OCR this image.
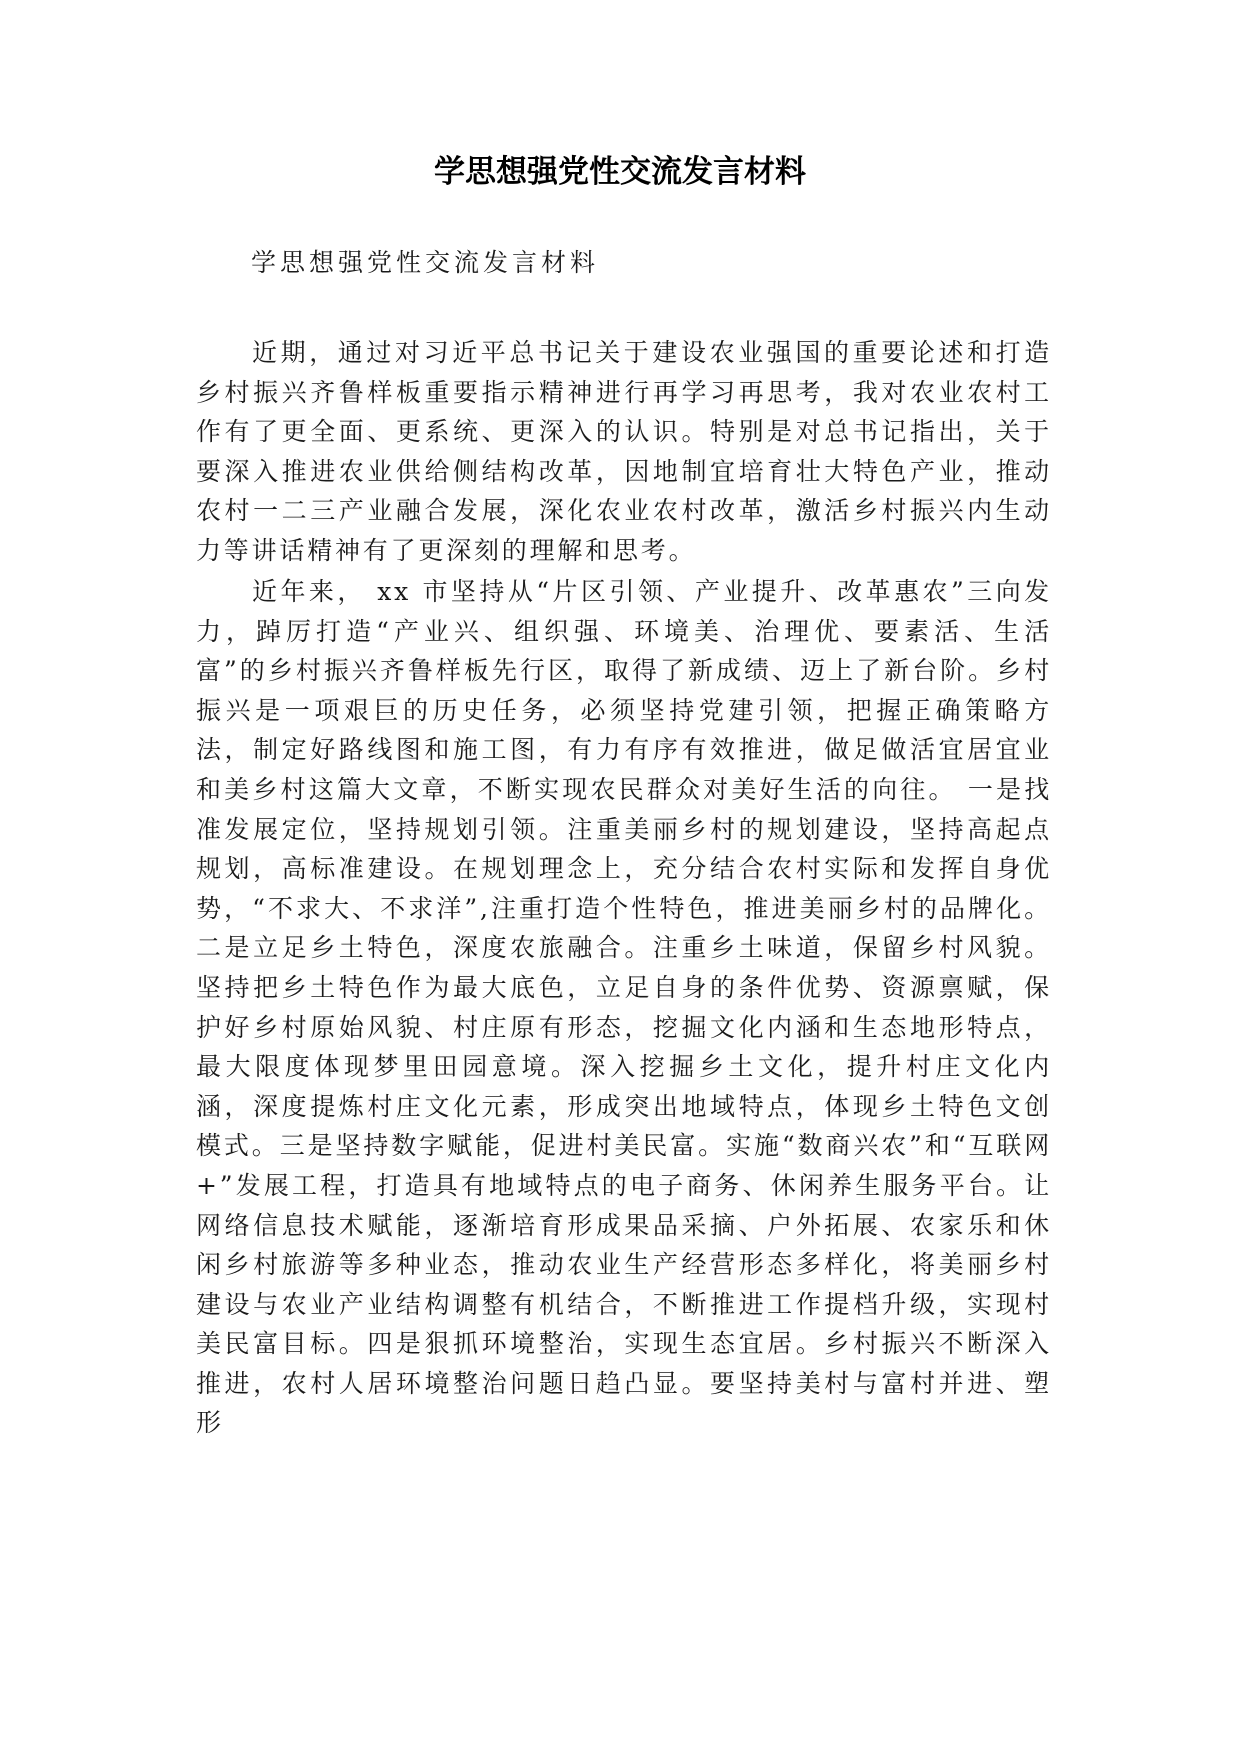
学思想强党性交流发言材料

学思想强党性交流发言材料

近期，通过对习近平总书记关于建设农业强国的重要论述和打造乡村振兴齐鲁样板重要指示精神进行再学习再思考，我对农业农村工作有了更全面、更系统、更深入的认识。特别是对总书记指出，关于要深入推进农业供给侧结构改革，因地制宜培育壮大特色产业，推动农村一二三产业融合发展，深化农业农村改革，激活乡村振兴内生动力等讲话精神有了更深刻的理解和思考。

近年来， xx 市坚持从“片区引领、产业提升、改革惠农”三向发力，踔厉打造“产业兴、组织强、环境美、治理优、要素活、生活富”的乡村振兴齐鲁样板先行区，取得了新成绩、迈上了新台阶。乡村振兴是一项艰巨的历史任务，必须坚持党建引领，把握正确策略方法，制定好路线图和施工图，有力有序有效推进，做足做活宜居宜业和美乡村这篇大文章，不断实现农民群众对美好生活的向往。 一是找准发展定位，坚持规划引领。注重美丽乡村的规划建设，坚持高起点规划，高标准建设。在规划理念上，充分结合农村实际和发挥自身优势，“不求大、不求洋”,注重打造个性特色，推进美丽乡村的品牌化。二是立足乡土特色，深度农旅融合。注重乡土味道，保留乡村风貌。坚持把乡土特色作为最大底色，立足自身的条件优势、资源禀赋，保护好乡村原始风貌、村庄原有形态，挖掘文化内涵和生态地形特点，最大限度体现梦里田园意境。深入挖掘乡土文化，提升村庄文化内涵，深度提炼村庄文化元素，形成突出地域特点，体现乡土特色文创模式。三是坚持数字赋能，促进村美民富。实施“数商兴农”和“互联网+”发展工程，打造具有地域特点的电子商务、休闲养生服务平台。让网络信息技术赋能，逐渐培育形成果品采摘、户外拓展、农家乐和休闲乡村旅游等多种业态，推动农业生产经营形态多样化，将美丽乡村建设与农业产业结构调整有机结合，不断推进工作提档升级，实现村美民富目标。四是狠抓环境整治，实现生态宜居。乡村振兴不断深入推进，农村人居环境整治问题日趋凸显。要坚持美村与富村并进、塑形
